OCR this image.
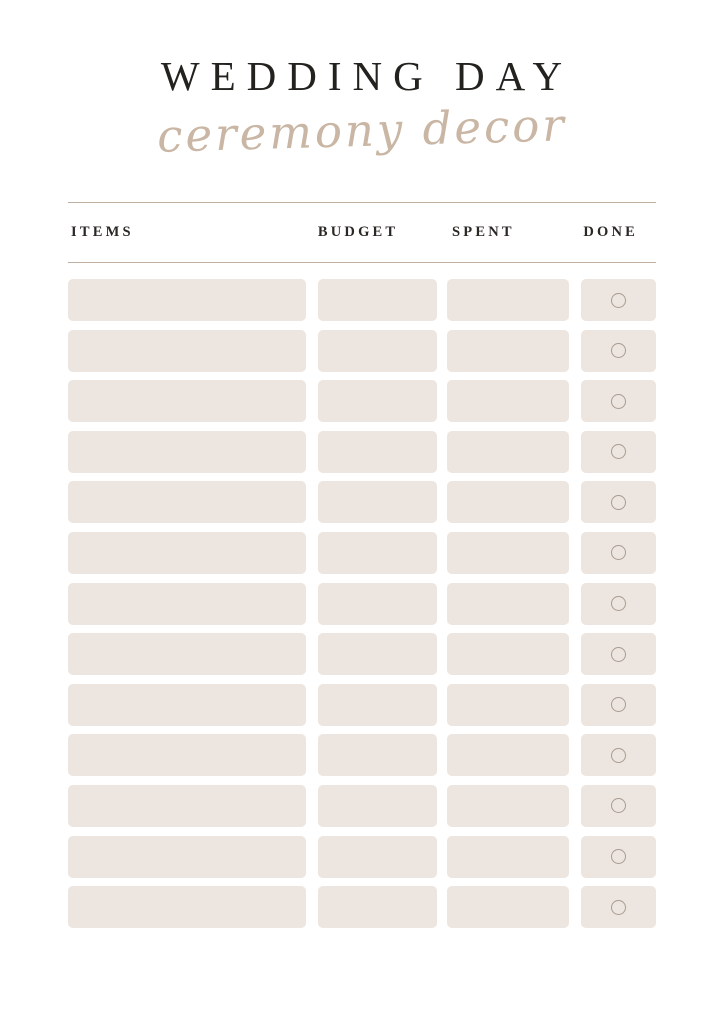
WEDDING DAY
ceremony decor
ITEMS	BUDGET	SPENT	DONE
